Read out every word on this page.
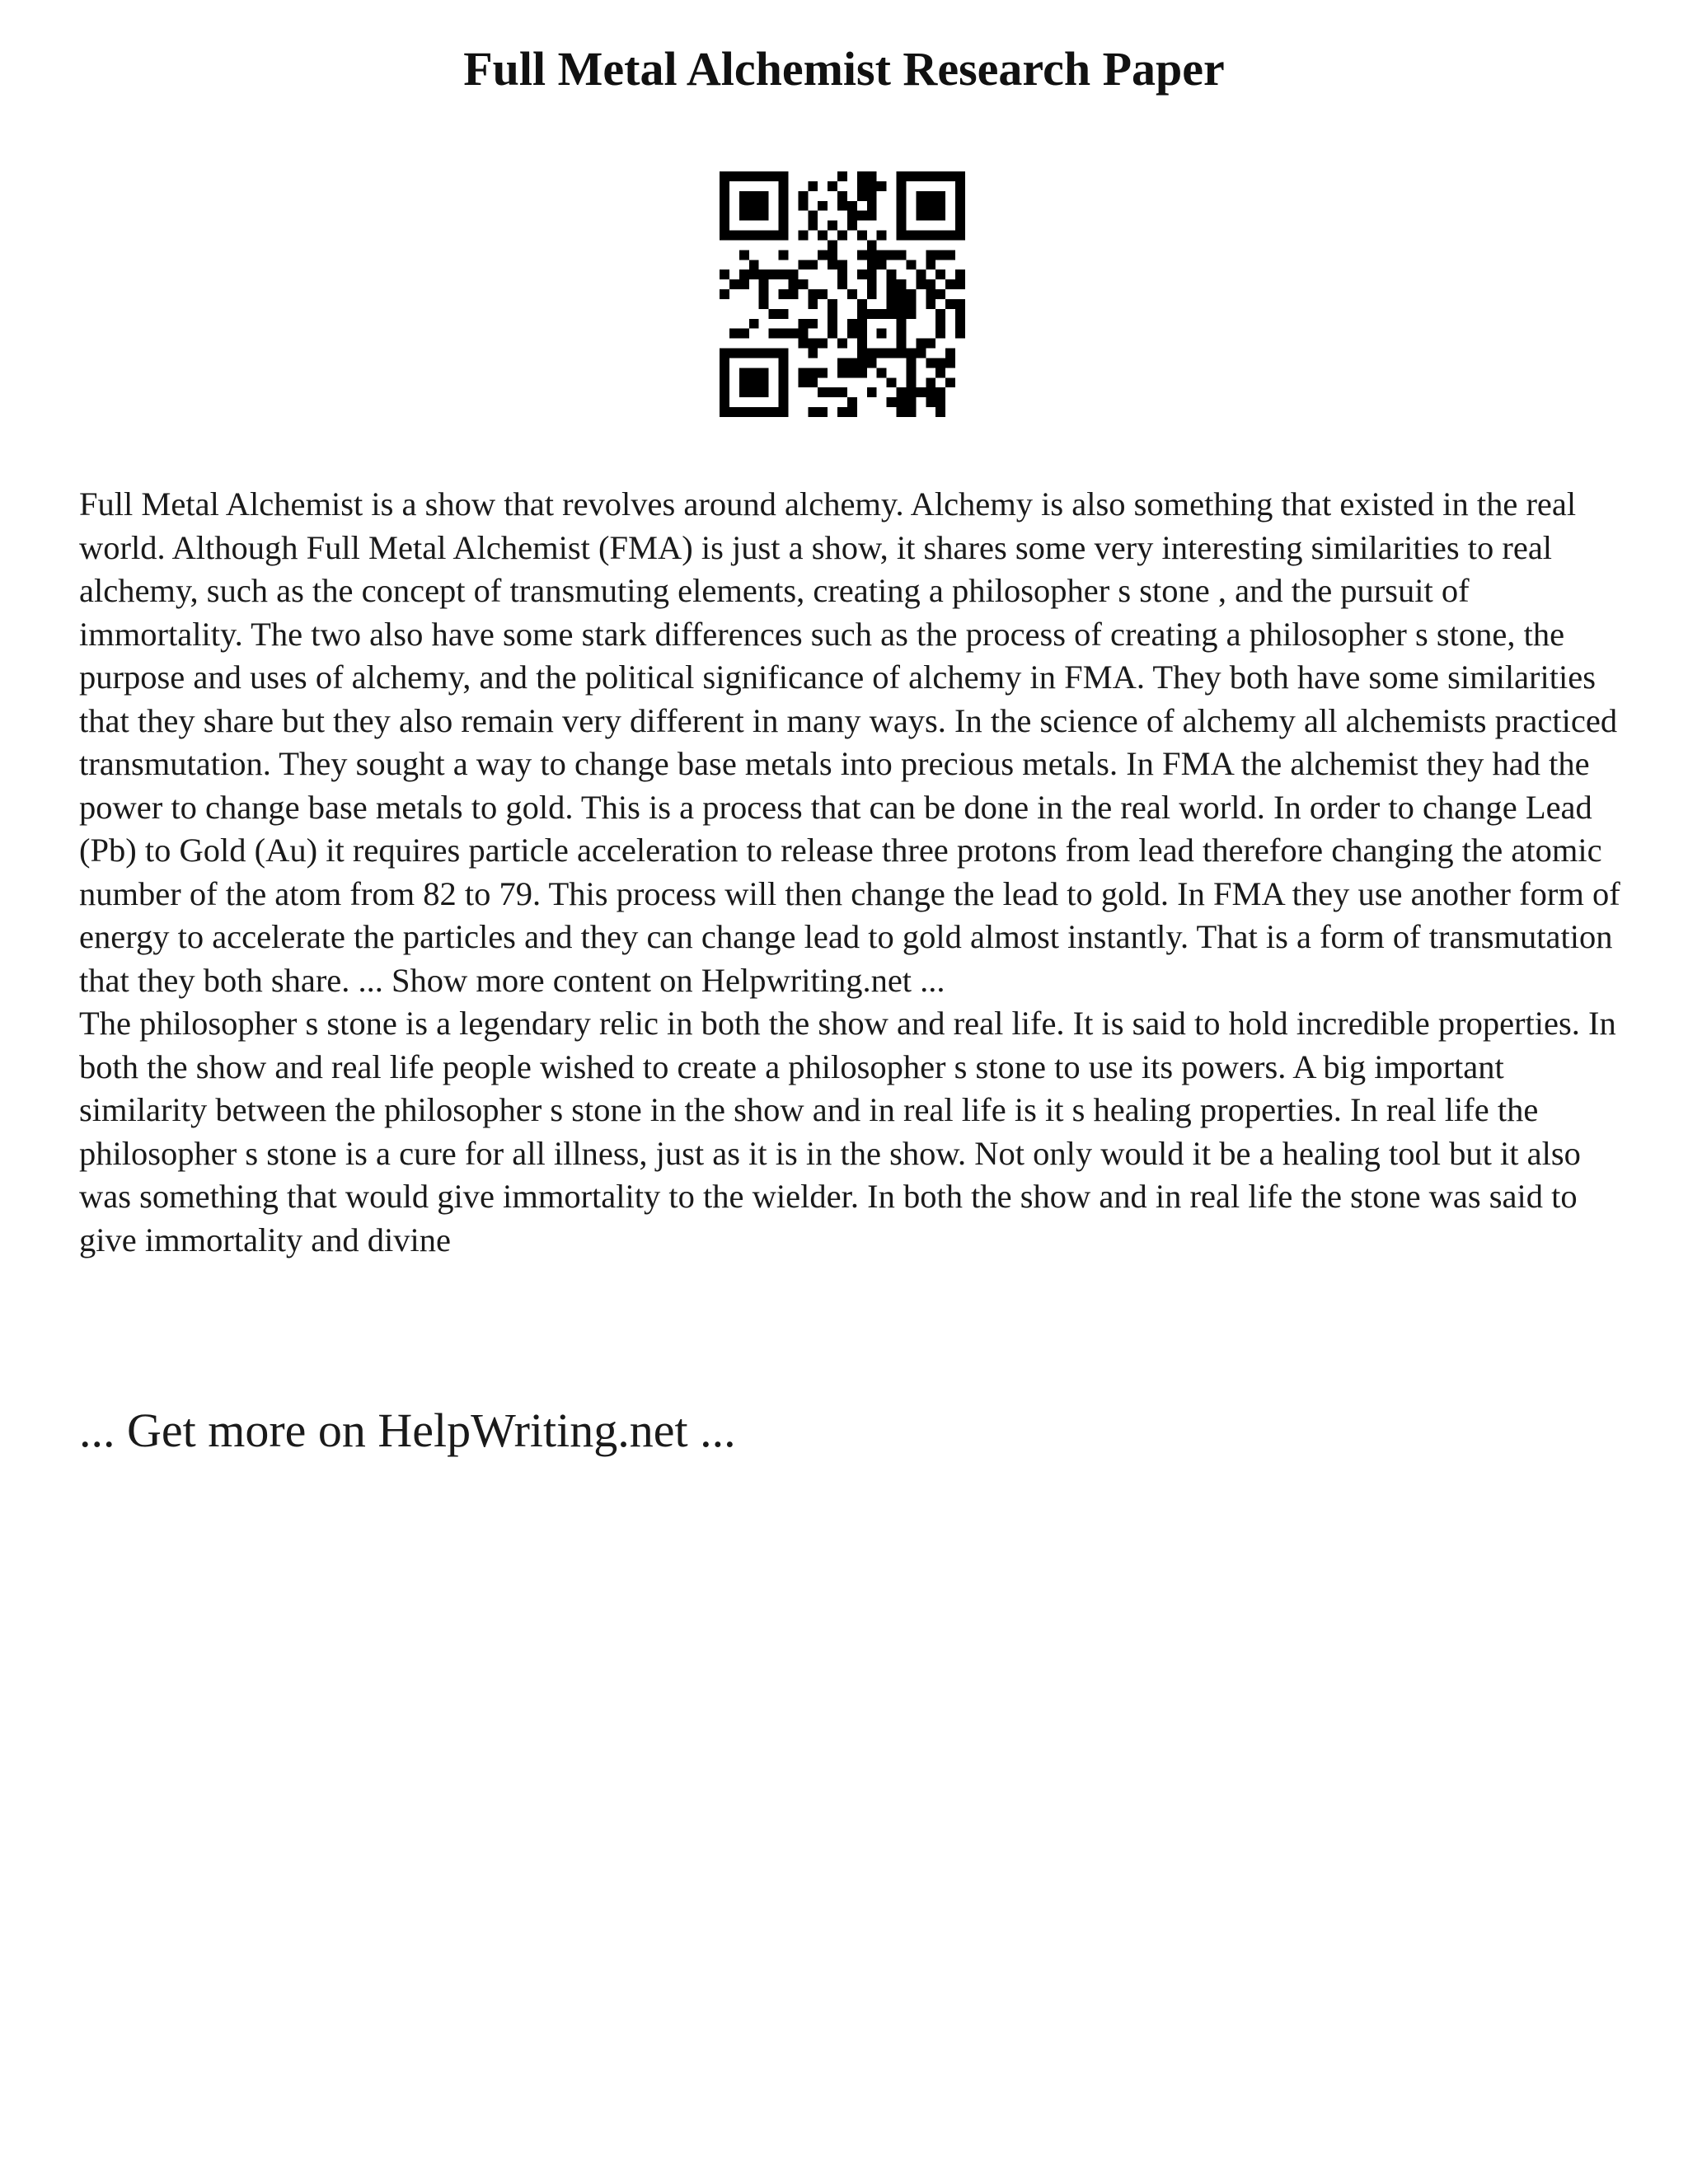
Full Metal Alchemist Research Paper

Full Metal Alchemist is a show that revolves around alchemy. Alchemy is also something that existed in the real world. Although Full Metal Alchemist (FMA) is just a show, it shares some very interesting similarities to real alchemy, such as the concept of transmuting elements, creating a philosopher s stone , and the pursuit of immortality. The two also have some stark differences such as the process of creating a philosopher s stone, the purpose and uses of alchemy, and the political significance of alchemy in FMA. They both have some similarities that they share but they also remain very different in many ways. In the science of alchemy all alchemists practiced transmutation. They sought a way to change base metals into precious metals. In FMA the alchemist they had the power to change base metals to gold. This is a process that can be done in the real world. In order to change Lead (Pb) to Gold (Au) it requires particle acceleration to release three protons from lead therefore changing the atomic number of the atom from 82 to 79. This process will then change the lead to gold. In FMA they use another form of energy to accelerate the particles and they can change lead to gold almost instantly. That is a form of transmutation that they both share. ... Show more content on Helpwriting.net ...

The philosopher s stone is a legendary relic in both the show and real life. It is said to hold incredible properties. In both the show and real life people wished to create a philosopher s stone to use its powers. A big important similarity between the philosopher s stone in the show and in real life is it s healing properties. In real life the philosopher s stone is a cure for all illness, just as it is in the show. Not only would it be a healing tool but it also was something that would give immortality to the wielder. In both the show and in real life the stone was said to give immortality and divine

... Get more on HelpWriting.net ...
